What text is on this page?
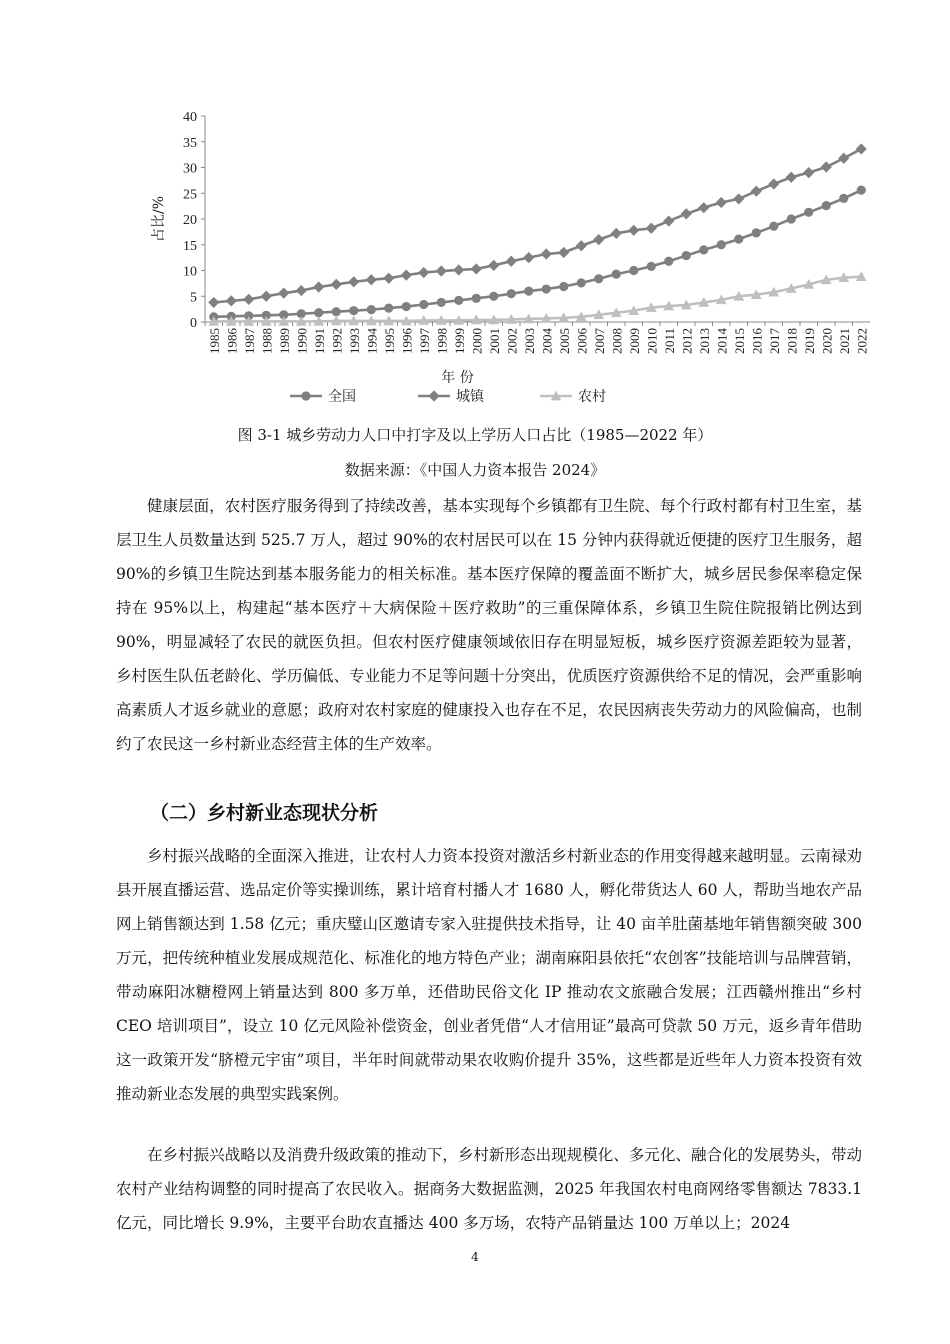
0
5
10
15
20
25
30
35
40
1985 1986 1987 1988 1989 1990 1991 1992 1993 1994 1995 1996 1997 1998 1999 2000 2001 2002 2003 2004 2005 2006 2007 2008 2009 2010 2011 2012 2013 2014 2015 2016 2017 2018 2019 2020 2021 2022
占比/%
年 份
全国	城镇	农村
图 3-1 城乡劳动力人口中打字及以上学历人口占比（1985—2022 年）
数据来源：《中国人力资本报告 2024》

健康层面，农村医疗服务得到了持续改善，基本实现每个乡镇都有卫生院、每个行政村都有村卫生室，基层卫生人员数量达到 525.7 万人，超过 90%的农村居民可以在 15 分钟内获得就近便捷的医疗卫生服务，超 90%的乡镇卫生院达到基本服务能力的相关标准。基本医疗保障的覆盖面不断扩大，城乡居民参保率稳定保持在 95%以上，构建起“基本医疗＋大病保险＋医疗救助”的三重保障体系，乡镇卫生院住院报销比例达到 90%，明显减轻了农民的就医负担。但农村医疗健康领域依旧存在明显短板，城乡医疗资源差距较为显著，乡村医生队伍老龄化、学历偏低、专业能力不足等问题十分突出，优质医疗资源供给不足的情况，会严重影响高素质人才返乡就业的意愿；政府对农村家庭的健康投入也存在不足，农民因病丧失劳动力的风险偏高，也制约了农民这一乡村新业态经营主体的生产效率。

（二）乡村新业态现状分析

乡村振兴战略的全面深入推进，让农村人力资本投资对激活乡村新业态的作用变得越来越明显。云南禄劝县开展直播运营、选品定价等实操训练，累计培育村播人才 1680 人，孵化带货达人 60 人，帮助当地农产品网上销售额达到 1.58 亿元；重庆璧山区邀请专家入驻提供技术指导，让 40 亩羊肚菌基地年销售额突破 300 万元，把传统种植业发展成规范化、标准化的地方特色产业；湖南麻阳县依托“农创客”技能培训与品牌营销，带动麻阳冰糖橙网上销量达到 800 多万单，还借助民俗文化 IP 推动农文旅融合发展；江西赣州推出“乡村 CEO 培训项目”，设立 10 亿元风险补偿资金，创业者凭借“人才信用证”最高可贷款 50 万元，返乡青年借助这一政策开发“脐橙元宇宙”项目，半年时间就带动果农收购价提升 35%，这些都是近些年人力资本投资有效推动新业态发展的典型实践案例。

在乡村振兴战略以及消费升级政策的推动下，乡村新形态出现规模化、多元化、融合化的发展势头，带动农村产业结构调整的同时提高了农民收入。据商务大数据监测，2025 年我国农村电商网络零售额达 7833.1 亿元，同比增长 9.9%，主要平台助农直播达 400 多万场，农特产品销量达 100 万单以上；2024

4
